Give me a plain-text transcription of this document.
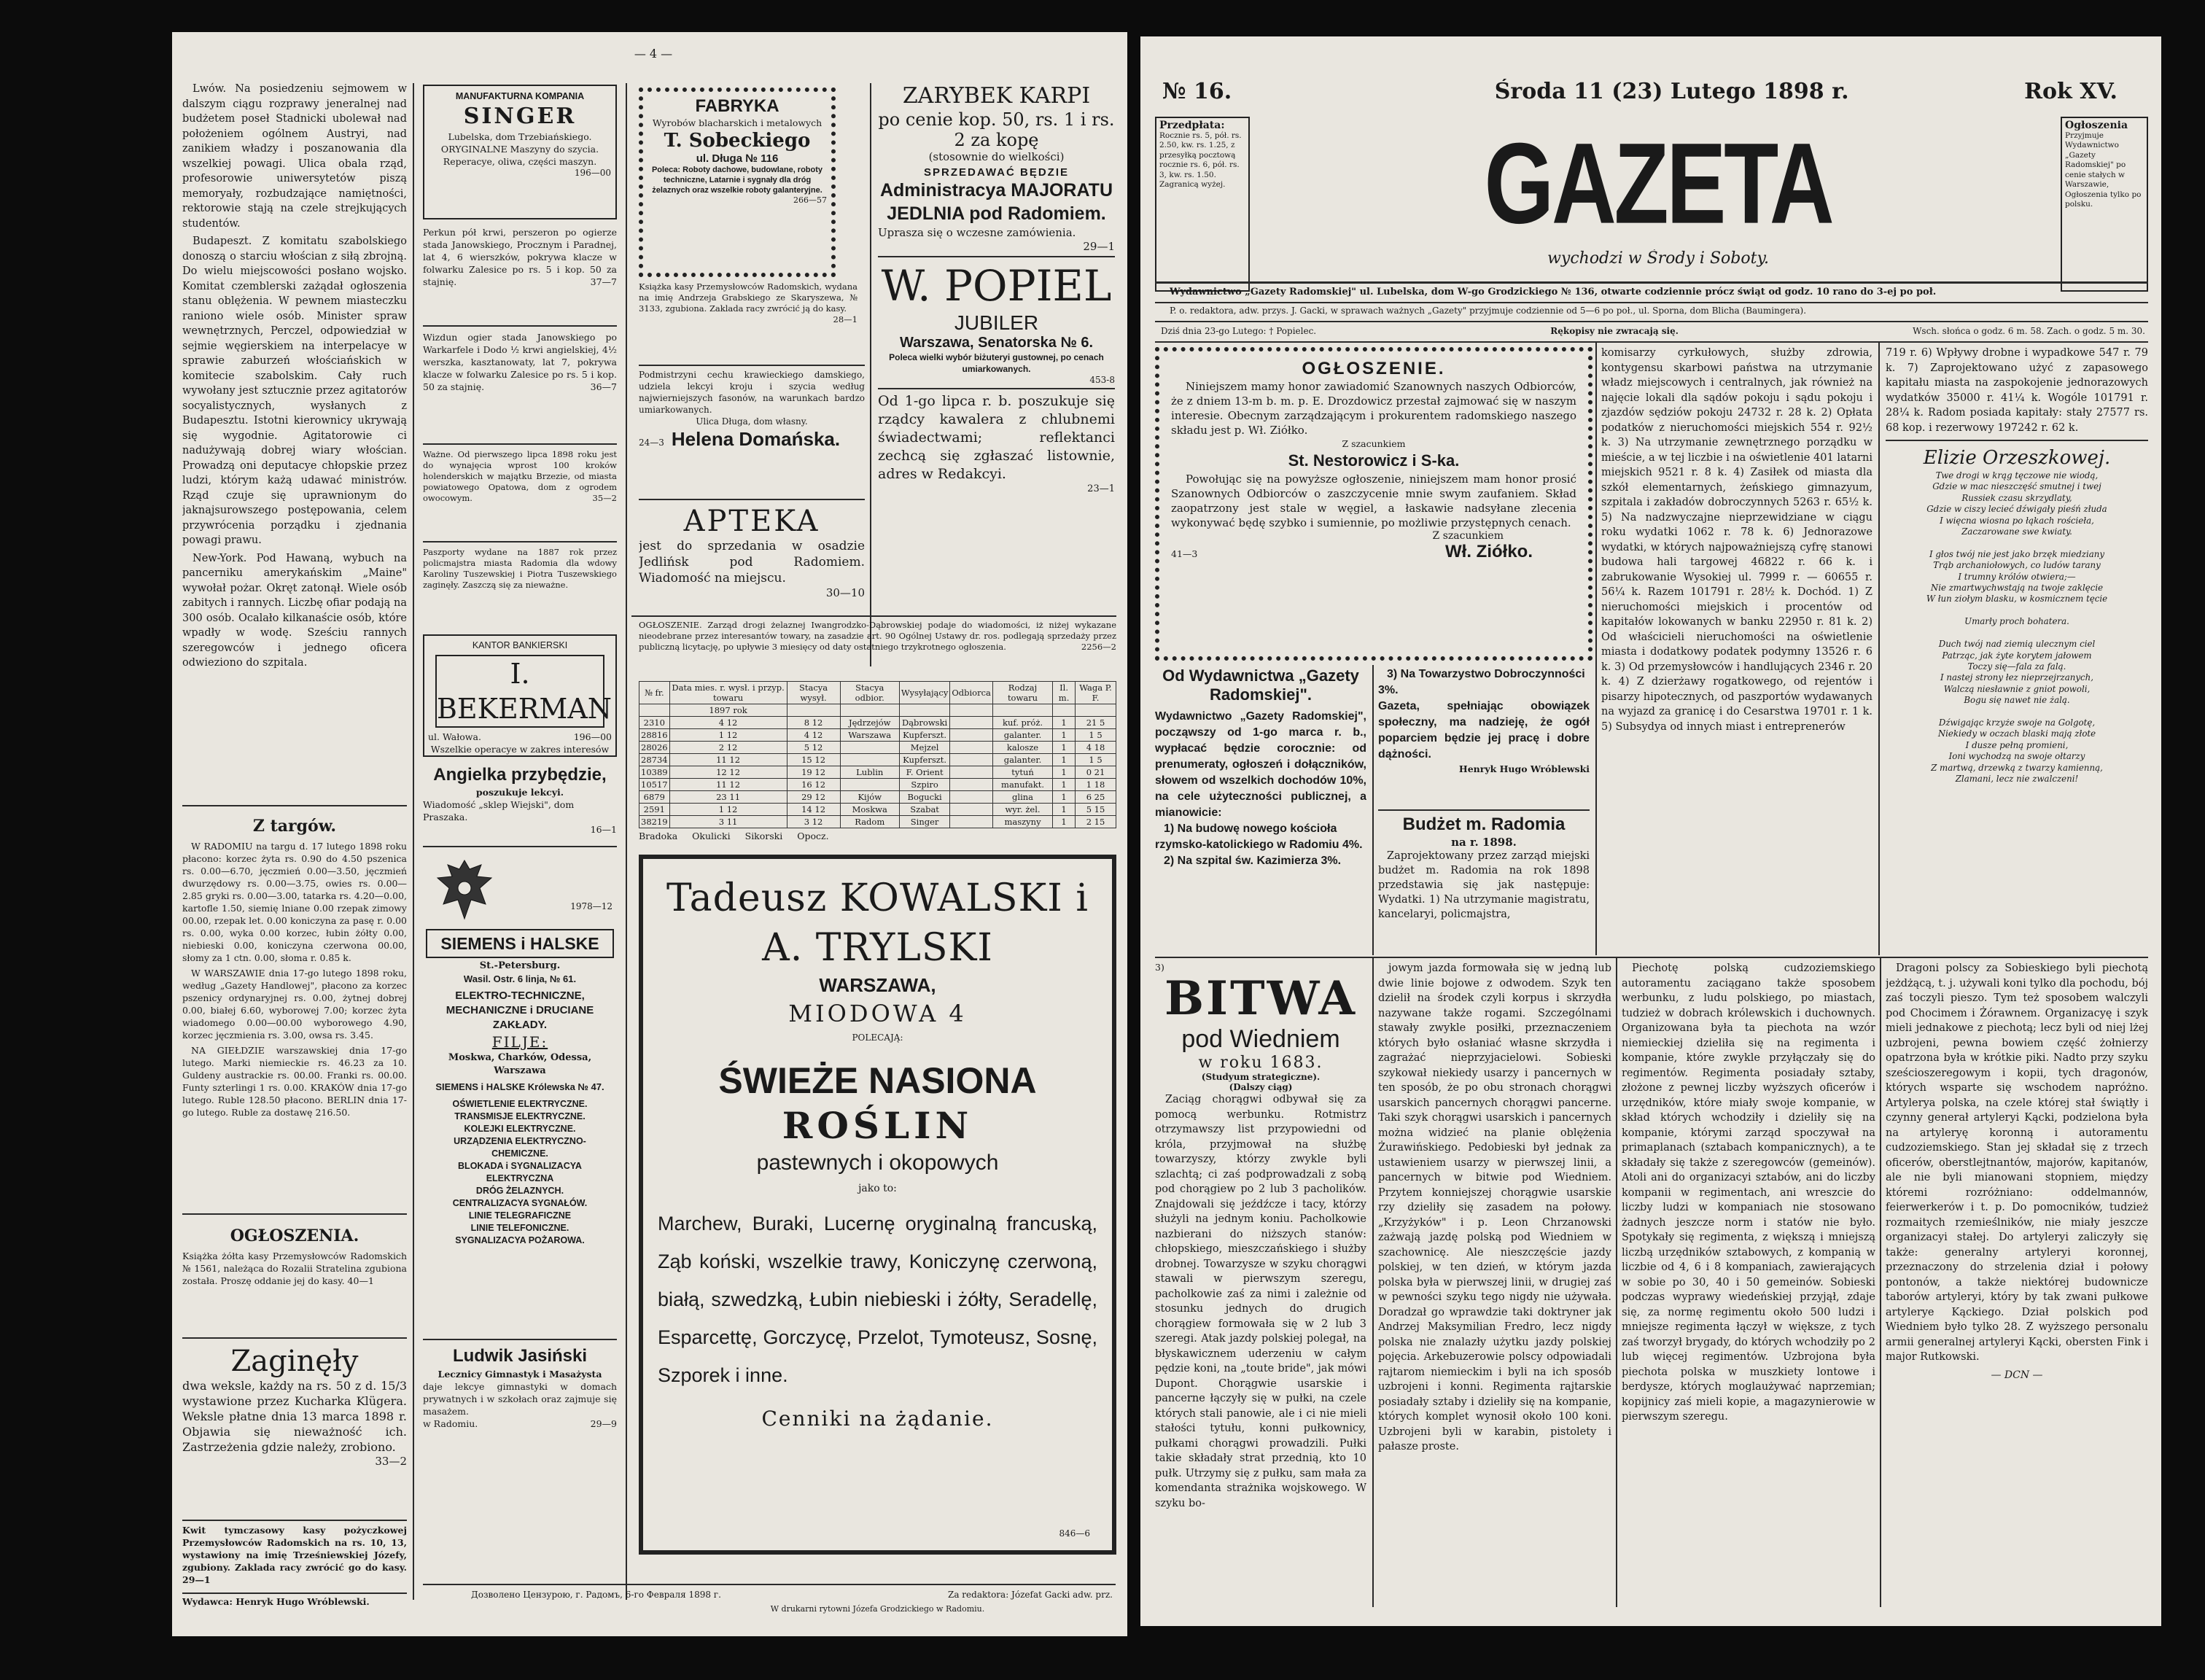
— 4 —

Lwów. Na posiedzeniu sejmowem w dalszym ciągu rozprawy jeneralnej nad budżetem poseł Stadnicki ubolewał nad położeniem ogólnem Austryi, nad zanikiem władzy i poszanowania dla wszelkiej powagi. Ulica obala rząd, profesorowie uniwersytetów piszą memoryały, rozbudzające namiętności, rektorowie stają na czele strejkujących studentów.

Budapeszt. Z komitatu szabolskiego donoszą o starciu włościan z siłą zbrojną. Do wielu miejscowości posłano wojsko. Komitat czemblerski zażądał ogłoszenia stanu oblężenia. W pewnem miasteczku raniono wiele osób. Minister spraw wewnętrznych, Perczel, odpowiedział w sejmie węgierskiem na interpelacye w sprawie zaburzeń włościańskich w komitecie szabolskim. Cały ruch wywołany jest sztucznie przez agitatorów socyalistycznych, wysłanych z Budapesztu. Istotni kierownicy ukrywają się wygodnie. Agitatorowie ci nadużywają dobrej wiary włościan. Prowadzą oni deputacye chłopskie przez ludzi, którym każą udawać ministrów. Rząd czuje się uprawnionym do jaknajsurowszego postępowania, celem przywrócenia porządku i zjednania powagi prawu.

New-York. Pod Hawaną, wybuch na pancerniku amerykańskim „Maine" wywołał pożar. Okręt zatonął. Wiele osób zabitych i rannych. Liczbę ofiar podają na 300 osób. Ocalało kilkanaście osób, które wpadły w wodę. Sześciu rannych szeregowców i jednego oficera odwieziono do szpitala.

Z targów.

W RADOMIU na targu d. 17 lutego 1898 roku płacono: korzec żyta rs. 0.90 do 4.50 pszenica rs. 0.00—6.70, jęczmień 0.00—3.50, jęczmień dwurzędowy rs. 0.00—3.75, owies rs. 0.00—2.85 gryki rs. 0.00—3.00, tatarka rs. 4.20—0.00, kartofle 1.50, siemię lniane 0.00 rzepak zimowy 00.00, rzepak let. 0.00 koniczyna za pasę r. 0.00 rs. 0.00, wyka 0.00 korzec, łubin żółty 0.00, niebieski 0.00, koniczyna czerwona 00.00, słomy za 1 ctn. 0.00, słoma r. 0.85 k.

W WARSZAWIE dnia 17-go lutego 1898 roku, według „Gazety Handlowej", płacono za korzec pszenicy ordynaryjnej rs. 0.00, żytnej dobrej 0.00, białej 6.60, wyborowej 7.00; korzec żyta wiadomego 0.00—00.00 wyborowego 4.90, korzec jęczmienia rs. 3.00, owsa rs. 3.45.

NA GIEŁDZIE warszawskiej dnia 17-go lutego. Marki niemieckie rs. 46.23 za 10. Guldeny austrackie rs. 00.00. Franki rs. 00.00. Funty szterlingi 1 rs. 0.00. KRAKÓW dnia 17-go lutego. Ruble 128.50 płacono. BERLIN dnia 17-go lutego. Ruble za dostawę 216.50.

OGŁOSZENIA.
Książka żółta kasy Przemysłowców Radomskich № 1561, należąca do Rozalii Stratelina zgubiona została. Proszę oddanie jej do kasy. 40—1
Zaginęły
dwa weksle, każdy na rs. 50 z d. 15/3 wystawione przez Kucharka Klügera. Weksle płatne dnia 13 marca 1898 r. Objawia się nieważność ich. Zastrzeżenia gdzie należy, zrobiono.
33—2
Kwit tymczasowy kasy pożyczkowej Przemysłowców Radomskich na rs. 10, 13, wystawiony na imię Trześniewskiej Józefy, zgubiony. Zaklada racy zwrócić go do kasy. 29—1
Wydawca: Henryk Hugo Wróblewski.
MANUFAKTURNA KOMPANIA
SINGER
Lubelska, dom Trzebiańskiego. ORYGINALNE Maszyny do szycia. Reperacye, oliwa, części maszyn.
196—00
Perkun pół krwi, perszeron po ogierze stada Janowskiego, Procznym i Paradnej, lat 4, 6 wierszków, pokrywa klacze w folwarku Zalesice po rs. 5 i kop. 50 za stajnię.	37—7
Wizdun ogier stada Janowskiego po Warkarfele i Dodo ½ krwi angielskiej, 4½ werszka, kasztanowaty, lat 7, pokrywa klacze w folwarku Zalesice po rs. 5 i kop. 50 za stajnię.	36—7
Ważne. Od pierwszego lipca 1898 roku jest do wynajęcia wprost 100 kroków holenderskich w majątku Brzezie, od miasta powiatowego Opatowa, dom z ogrodem owocowym.	35—2
Paszporty wydane na 1887 rok przez policmajstra miasta Radomia dla wdowy Karoliny Tuszewskiej i Piotra Tuszewskiego zaginęły. Zaszczą się za nieważne.
KANTOR BANKIERSKI
I. BEKERMAN
ul. Wałowa.	196—00
Wszelkie operacye w zakres interesów
Angielka przybędzie,
poszukuje lekcyi.
Wiadomość „sklep Wiejski", dom Praszaka.
16—1
1978—12
SIEMENS i HALSKE
St.-Petersburg.
Wasil. Ostr. 6 linja, № 61.
ELEKTRO-TECHNICZNE, MECHANICZNE i DRUCIANE ZAKŁADY.
FILJE:
Moskwa, Charków, Odessa, Warszawa
SIEMENS i HALSKE Królewska № 47.
OŚWIETLENIE ELEKTRYCZNE.
TRANSMISJE ELEKTRYCZNE.
KOLEJKI ELEKTRYCZNE.
URZĄDZENIA ELEKTRYCZNO-CHEMICZNE.
BLOKADA i SYGNALIZACYA ELEKTRYCZNA
DRÓG ŻELAZNYCH.
CENTRALIZACYA SYGNAŁÓW.
LINIE TELEGRAFICZNE
LINIE TELEFONICZNE.
SYGNALIZACYA POŻAROWA.
Ludwik Jasiński
Lecznicy Gimnastyk i Masażysta
daje lekcye gimnastyki w domach prywatnych i w szkołach oraz zajmuje się masażem.
w Radomiu.	29—9
FABRYKA
Wyrobów blacharskich i metalowych
T. Sobeckiego
ul. Długa № 116
Poleca: Roboty dachowe, budowlane, roboty techniczne, Latarnie i sygnały dla dróg żelaznych oraz wszelkie roboty galanteryjne.
266—57
Książka kasy Przemysłowców Radomskich, wydana na imię Andrzeja Grabskiego ze Skaryszewa, № 3133, zgubiona. Zaklada racy zwrócić ją do kasy.
28—1
Podmistrzyni cechu krawieckiego damskiego, udziela lekcyi kroju i szycia według najwierniejszych fasonów, na warunkach bardzo umiarkowanych.
Ulica Długa, dom własny.
24—3 Helena Domańska.
APTEKA
jest do sprzedania w osadzie Jedlińsk pod Radomiem. Wiadomość na miejscu.
30—10
ZARYBEK KARPI
po cenie kop. 50, rs. 1 i rs. 2 za kopę
(stosownie do wielkości)
SPRZEDAWAĆ BĘDZIE
Administracya MAJORATU JEDLNIA pod Radomiem.
Uprasza się o wczesne zamówienia.
29—1
W. POPIEL
JUBILER
Warszawa, Senatorska № 6.
Poleca wielki wybór biżuteryi gustownej, po cenach umiarkowanych.
453-8
Od 1-go lipca r. b. poszukuje się rządcy kawalera z chlubnemi świadectwami; reflektanci zechcą się zgłaszać listownie, adres w Redakcyi.
23—1
OGŁOSZENIE. Zarząd drogi żelaznej Iwangrodzko-Dąbrowskiej podaje do wiadomości, iż niżej wykazane nieodebrane przez interesantów towary, na zasadzie art. 90 Ogólnej Ustawy dr. ros. podlegają sprzedaży przez publiczną licytację, po upływie 3 miesięcy od daty ostatniego trzykrotnego ogłoszenia.	2256—2
№ fr.	Data mies. r. wysł. i przyp. towaru	Stacya wysył.	Stacya odbior.	Wysyłający	Odbiorca	Rodzaj towaru	Il. m.	Waga P. F.
	1897 rok							
2310	4 12	8 12	Jędrzejów	Dąbrowski		kuf. próż.	1	21 5
28816	1 12	4 12	Warszawa	Kupferszt.		galanter.	1	1 5
28026	2 12	5 12		Mejzel		kalosze	1	4 18
28734	11 12	15 12		Kupferszt.		galanter.	1	1 5
10389	12 12	19 12	Lublin	F. Orient		tytuń	1	0 21
10517	11 12	16 12		Szpiro		manufakt.	1	1 18
6879	23 11	29 12	Kijów	Bogucki		glina	1	6 25
2591	1 12	14 12	Moskwa	Szabat		wyr. żel.	1	5 15
38219	3 11	3 12	Radom	Singer		maszyny	1	2 15
Bradoka Okulicki Sikorski Opocz.
Tadeusz KOWALSKI i A. TRYLSKI
WARSZAWA,
MIODOWA 4
POLECAJĄ:
ŚWIEŻE NASIONA
ROŚLIN
pastewnych i okopowych
jako to:
Marchew, Buraki, Lucernę oryginalną francuską, Ząb koński, wszelkie trawy, Koniczynę czerwoną, białą, szwedzką, Łubin niebieski i żółty, Seradellę, Esparcettę, Gorczycę, Przelot, Tymoteusz, Sosnę, Szporek i inne.
Cenniki na żądanie.
846—6
Дозволено Цензурою, г. Радомъ, 6-го Февраля 1898 г.	Za redaktora: Józefat Gacki adw. prz.
W drukarni rytowni Józefa Grodzickiego w Radomiu.
№ 16.	Środa 11 (23) Lutego 1898 r.	Rok XV.
Przedpłata:
Rocznie rs. 5, pół. rs. 2.50, kw. rs. 1.25, z przesyłką pocztową rocznie rs. 6, pół. rs. 3, kw. rs. 1.50. Zagranicą wyżej.	GAZETA
wychodzi w Środy i Soboty.
Ogłoszenia
Przyjmuje Wydawnictwo „Gazety Radomskiej" po cenie stałych w Warszawie, Ogłoszenia tylko po polsku.
Wydawnictwo „Gazety Radomskiej" ul. Lubelska, dom W-go Grodzickiego № 136, otwarte codziennie prócz świąt od godz. 10 rano do 3-ej po poł.
P. o. redaktora, adw. przys. J. Gacki, w sprawach ważnych „Gazety" przyjmuje codziennie od 5—6 po poł., ul. Sporna, dom Blicha (Baumingera).
Dziś dnia 23-go Lutego: † Popielec.	Rękopisy nie zwracają się.	Wsch. słońca o godz. 6 m. 58. Zach. o godz. 5 m. 30.
OGŁOSZENIE.
Niniejszem mamy honor zawiadomić Szanownych naszych Odbiorców, że z dniem 13-m b. m. p. E. Drozdowicz przestał zajmować się w naszym interesie. Obecnym zarządzającym i prokurentem radomskiego naszego składu jest p. Wł. Ziółko.
Z szacunkiem
St. Nestorowicz i S-ka.
Powołując się na powyższe ogłoszenie, niniejszem mam honor prosić Szanownych Odbiorców o zaszczycenie mnie swym zaufaniem. Skład zaopatrzony jest stale w węgiel, a łaskawie nadsyłane zlecenia wykonywać będę szybko i sumiennie, po możliwie przystępnych cenach.
Z szacunkiem
41—3	Wł. Ziółko.
Od Wydawnictwa „Gazety Radomskiej".
Wydawnictwo „Gazety Radomskiej", począwszy od 1-go marca r. b., wypłacać będzie corocznie: od prenumeraty, ogłoszeń i dołączników, słowem od wszelkich dochodów 10%, na cele użyteczności publicznej, a mianowicie:
1) Na budowę nowego kościoła rzymsko-katolickiego w Radomiu 4%.
2) Na szpital św. Kazimierza 3%.
3) Na Towarzystwo Dobroczynności 3%.
Gazeta, spełniając obowiązek społeczny, ma nadzieję, że ogół poparciem będzie jej pracę i dobre dążności.
Henryk Hugo Wróblewski
Budżet m. Radomia
na r. 1898.
Zaprojektowany przez zarząd miejski budżet m. Radomia na rok 1898 przedstawia się jak następuje: Wydatki. 1) Na utrzymanie magistratu, kancelaryi, policmajstra,
komisarzy cyrkułowych, służby zdrowia, kontygensu skarbowi państwa na utrzymanie władz miejscowych i centralnych, jak również na najęcie lokali dla sądów pokoju i sądu pokoju i zjazdów sędziów pokoju 24732 r. 28 k. 2) Opłata podatków z nieruchomości miejskich 554 r. 92½ k. 3) Na utrzymanie zewnętrznego porządku w mieście, a w tej liczbie i na oświetlenie 401 latarni miejskich 9521 r. 8 k. 4) Zasiłek od miasta dla szkół elementarnych, żeńskiego gimnazyum, szpitala i zakładów dobroczynnych 5263 r. 65½ k. 5) Na nadzwyczajne nieprzewidziane w ciągu roku wydatki 1062 r. 78 k. 6) Jednorazowe wydatki, w których najpoważniejszą cyfrę stanowi budowa hali targowej 46822 r. 66 k. i zabrukowanie Wysokiej ul. 7999 r. — 60655 r. 56¼ k. Razem 101791 r. 28½ k. Dochód. 1) Z nieruchomości miejskich i procentów od kapitałów lokowanych w banku 22950 r. 81 k. 2) Od właścicieli nieruchomości na oświetlenie miasta i dodatkowy podatek podymny 13526 r. 6 k. 3) Od przemysłowców i handlujących 2346 r. 20 k. 4) Z dzierżawy rogatkowego, od rejentów i pisarzy hipotecznych, od paszportów wydawanych na wyjazd za granicę i do Cesarstwa 19701 r. 1 k. 5) Subsydya od innych miast i entreprenerów
719 r. 6) Wpływy drobne i wypadkowe 547 r. 79 k. 7) Zaprojektowano użyć z zapasowego kapitału miasta na zaspokojenie jednorazowych wydatków 35000 r. 41¼ k. Wogóle 101791 r. 28¼ k. Radom posiada kapitały: stały 27577 rs. 68 kop. i rezerwowy 197242 r. 62 k.
Elizie Orzeszkowej.
Twe drogi w krąg tęczowe nie wiodą,
Gdzie w mac nieszczęść smutnej i twej
Russiek czasu skrzydlaty,
Gdzie w ciszy lecieć dźwigały pieśń złuda
I więcna wiosna po łąkach rościeła,
Zaczarowane swe kwiaty.

I głos twój nie jest jako brzęk miedziany
Trąb archaniołowych, co ludów tarany
I trumny królów otwiera;—
Nie zmartwychwstają na twoje zaklęcie
W łun ziołym blasku, w kosmicznem tęcie

Umarły proch bohatera.

Duch twój nad ziemią ulecznym ciel
Patrząc, jak żyte korytem jałowem
Toczy się—fala za falą.
I nastej strony łez nieprzejrzanych,
Walczą niesławnie z gniot powoli,
Bogu się nawet nie żalą.

Dźwigając krzyże swoje na Golgotę,
Niekiedy w oczach blaski mają złote
I dusze pełną promieni,
Ioni wychodzą na swoje ołtarzy
Z martwą, drzewką z twarzy kamienną,
Zlamani, lecz nie zwalczeni!
3)
BITWA
pod Wiedniem
w roku 1683.
(Studyum strategiczne).
(Dalszy ciąg)
Zaciąg chorągwi odbywał się za pomocą werbunku. Rotmistrz otrzymawszy list przypowiedni od króla, przyjmował na służbę towarzyszy, którzy zwykle byli szlachtą; ci zaś podprowadzali z sobą pod chorągiew po 2 lub 3 pacholików. Znajdowali się jeźdźcze i tacy, którzy służyli na jednym koniu. Pacholkowie nazbierani do niższych stanów: chłopskiego, mieszczańskiego i służby drobnej. Towarzysze w szyku chorągwi stawali w pierwszym szeregu, pacholkowie zaś za nimi i zależnie od stosunku jednych do drugich chorągiew formowała się w 2 lub 3 szeregi. Atak jazdy polskiej polegał, na błyskawicznem uderzeniu w całym pędzie koni, na „toute bride", jak mówi Dupont. Chorągwie usarskie i pancerne łączyły się w pułki, na czele których stali panowie, ale i ci nie mieli stałości tytułu, konni pułkownicy, pułkami chorągwi prowadzili. Pułki takie składały strat przednią, kto 10 pułk. Utrzymy się z pułku, sam mała za komendanta strażnika wojskowego. W szyku bo-
jowym jazda formowała się w jedną lub dwie linie bojowe z odwodem. Szyk ten dzielił na środek czyli korpus i skrzydła nazywane także rogami. Szczególnami stawały zwykle posiłki, przeznaczeniem których było osłaniać własne skrzydła i zagrażać nieprzyjacielowi. Sobieski szykował niekiedy usarzy i pancernych w ten sposób, że po obu stronach chorągwi usarskich pancernych chorągwi pancerne. Taki szyk chorągwi usarskich i pancernych można widzieć na planie oblężenia Żurawińskiego. Pedobieski był jednak za ustawieniem usarzy w pierwszej linii, a pancernych w bitwie pod Wiedniem. Przytem konniejszej chorągwie usarskie rzy dzieliły się zasadem na połowy. „Krzyżyków" i p. Leon Chrzanowski zażwają jazdę polską pod Wiedniem w szachownicę. Ale nieszczęście jazdy polskiej, w ten dzień, w którym jazda polska była w pierwszej linii, w drugiej zaś w pewności szyku tego nigdy nie używała. Doradzał go wprawdzie taki doktryner jak Andrzej Maksymilian Fredro, lecz nigdy polska nie znalazły użytku jazdy polskiej pojęcia. Arkebuzerowie polscy odpowiadali rajtarom niemieckim i byli na ich sposób uzbrojeni i konni. Regimenta rajtarskie posiadały sztaby i dzieliły się na kompanie, których komplet wynosił około 100 koni. Uzbrojeni byli w karabin, pistolety i pałasze proste.
Piechotę polską cudzoziemskiego autoramentu zaciągano także sposobem werbunku, z ludu polskiego, po miastach, tudzież w dobrach królewskich i duchownych. Organizowana była ta piechota na wzór niemieckiej dzieliła się na regimenta i kompanie, które zwykle przyłączały się do regimentów. Regimenta posiadały sztaby, złożone z pewnej liczby wyższych oficerów i urzędników, które miały swoje kompanie, w skład których wchodziły i dzieliły się na kompanie, którymi zarząd spoczywał na primaplanach (sztabach kompanicznych), a te składały się także z szeregowców (gemeinów). Atoli ani do organizacyi sztabów, ani do liczby kompanii w regimentach, ani wreszcie do liczby ludzi w kompaniach nie stosowano żadnych jeszcze norm i statów nie było. Spotykały się regimenta, z większą i mniejszą liczbą urzędników sztabowych, z kompanią w liczbie od 4, 6 i 8 kompaniach, zawierających w sobie po 30, 40 i 50 gemeinów. Sobieski podczas wyprawy wiedeńskiej przyjął, zdaje się, za normę regimentu około 500 ludzi i mniejsze regimenta łączył w większe, z tych zaś tworzył brygady, do których wchodziły po 2 lub więcej regimentów. Uzbrojona była piechota polska w muszkiety lontowe i berdysze, których moglaużywać naprzemian; kopijnicy zaś mieli kopie, a magazynierowie w pierwszym szeregu.
Dragoni polscy za Sobieskiego byli piechotą jeżdżącą, t. j. używali koni tylko dla pochodu, bój zaś toczyli pieszo. Tym też sposobem walczyli pod Chocimem i Żórawnem. Organizacyę i szyk mieli jednakowe z piechotą; lecz byli od niej lżej uzbrojeni, pewna bowiem część żołnierzy opatrzona była w krótkie piki. Nadto przy szyku sześcioszeregowym i kopii, tych dragonów, których wsparte się wschodem napróżno. Artylerya polska, na czele której stał świątły i czynny generał artyleryi Kącki, podzielona była na artyleryę koronną i autoramentu cudzoziemskiego. Stan jej składał się z trzech oficerów, oberstlejtnantów, majorów, kapitanów, ale nie byli mianowani stopniem, między któremi rozróżniano: oddelmannów, feierwerkerów i t. p. Do pomocników, tudzież rozmaitych rzemieślników, nie miały jeszcze organizacyi stałej. Do artyleryi zaliczyły się także: generalny artyleryi koronnej, przeznaczony do strzelenia dział i połowy pontonów, a także niektórej budownicze taborów artyleryi, który by tak zwani pułkowe artylerye Kąckiego. Dział polskich pod Wiedniem było tylko 28. Z wyższego personalu armii generalnej artyleryi Kącki, obersten Fink i major Rutkowski.
— DCN —
